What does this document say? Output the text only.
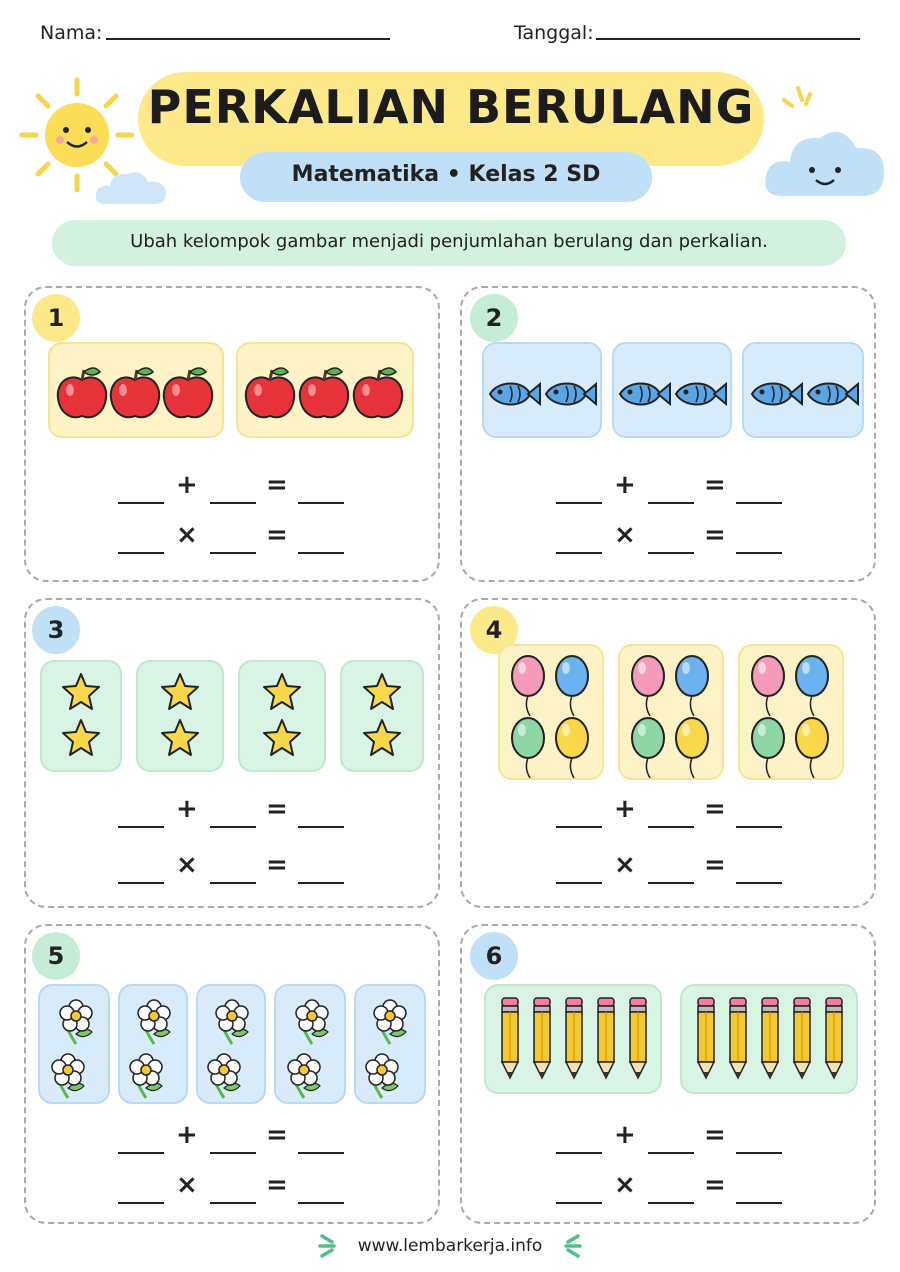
Nama:	Tanggal:
PERKALIAN BERULANG
Matematika • Kelas 2 SD
Ubah kelompok gambar menjadi penjumlahan berulang dan perkalian.
1	2
3	4
5	6
+	=
×	=
+	=
×	=
+	=
×	=
+	=
×	=
+	=
×	=
+	=
×	=
www.lembarkerja.info
